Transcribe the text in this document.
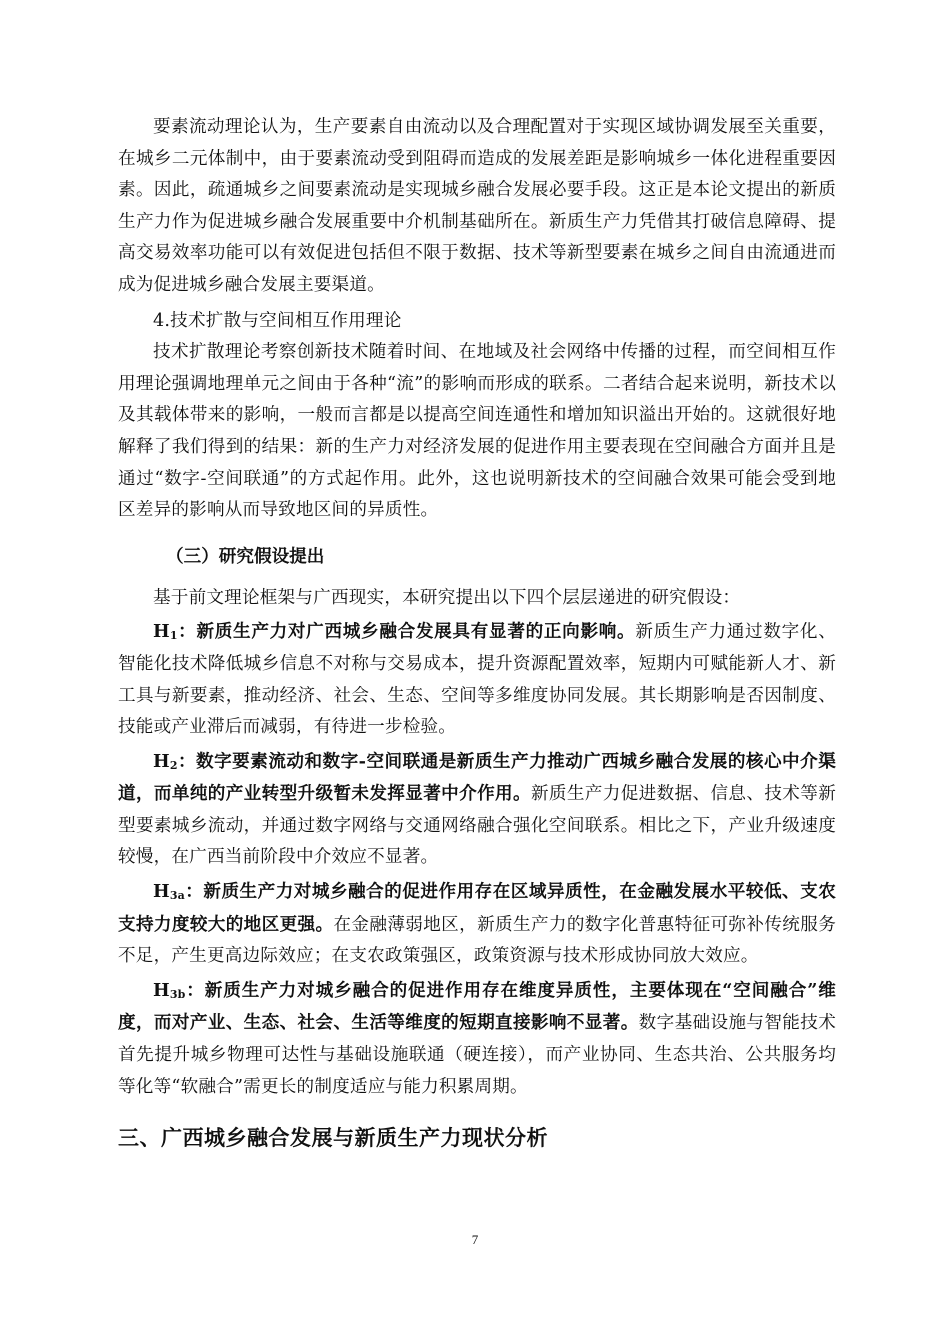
要素流动理论认为，生产要素自由流动以及合理配置对于实现区域协调发展至关重要，在城乡二元体制中，由于要素流动受到阻碍而造成的发展差距是影响城乡一体化进程重要因素。因此，疏通城乡之间要素流动是实现城乡融合发展必要手段。这正是本论文提出的新质生产力作为促进城乡融合发展重要中介机制基础所在。新质生产力凭借其打破信息障碍、提高交易效率功能可以有效促进包括但不限于数据、技术等新型要素在城乡之间自由流通进而成为促进城乡融合发展主要渠道。

4.技术扩散与空间相互作用理论

技术扩散理论考察创新技术随着时间、在地域及社会网络中传播的过程，而空间相互作用理论强调地理单元之间由于各种“流”的影响而形成的联系。二者结合起来说明，新技术以及其载体带来的影响，一般而言都是以提高空间连通性和增加知识溢出开始的。这就很好地解释了我们得到的结果：新的生产力对经济发展的促进作用主要表现在空间融合方面并且是通过“数字-空间联通”的方式起作用。此外，这也说明新技术的空间融合效果可能会受到地区差异的影响从而导致地区间的异质性。

（三）研究假设提出

基于前文理论框架与广西现实，本研究提出以下四个层层递进的研究假设：

$H_1$：新质生产力对广西城乡融合发展具有显著的正向影响。新质生产力通过数字化、智能化技术降低城乡信息不对称与交易成本，提升资源配置效率，短期内可赋能新人才、新工具与新要素，推动经济、社会、生态、空间等多维度协同发展。其长期影响是否因制度、技能或产业滞后而减弱，有待进一步检验。

$H_2$：数字要素流动和数字-空间联通是新质生产力推动广西城乡融合发展的核心中介渠道，而单纯的产业转型升级暂未发挥显著中介作用。新质生产力促进数据、信息、技术等新型要素城乡流动，并通过数字网络与交通网络融合强化空间联系。相比之下，产业升级速度较慢，在广西当前阶段中介效应不显著。

$H_{3a}$：新质生产力对城乡融合的促进作用存在区域异质性，在金融发展水平较低、支农支持力度较大的地区更强。在金融薄弱地区，新质生产力的数字化普惠特征可弥补传统服务不足，产生更高边际效应；在支农政策强区，政策资源与技术形成协同放大效应。

$H_{3b}$：新质生产力对城乡融合的促进作用存在维度异质性，主要体现在“空间融合”维度，而对产业、生态、社会、生活等维度的短期直接影响不显著。数字基础设施与智能技术首先提升城乡物理可达性与基础设施联通（硬连接），而产业协同、生态共治、公共服务均等化等“软融合”需更长的制度适应与能力积累周期。

三、广西城乡融合发展与新质生产力现状分析
7
